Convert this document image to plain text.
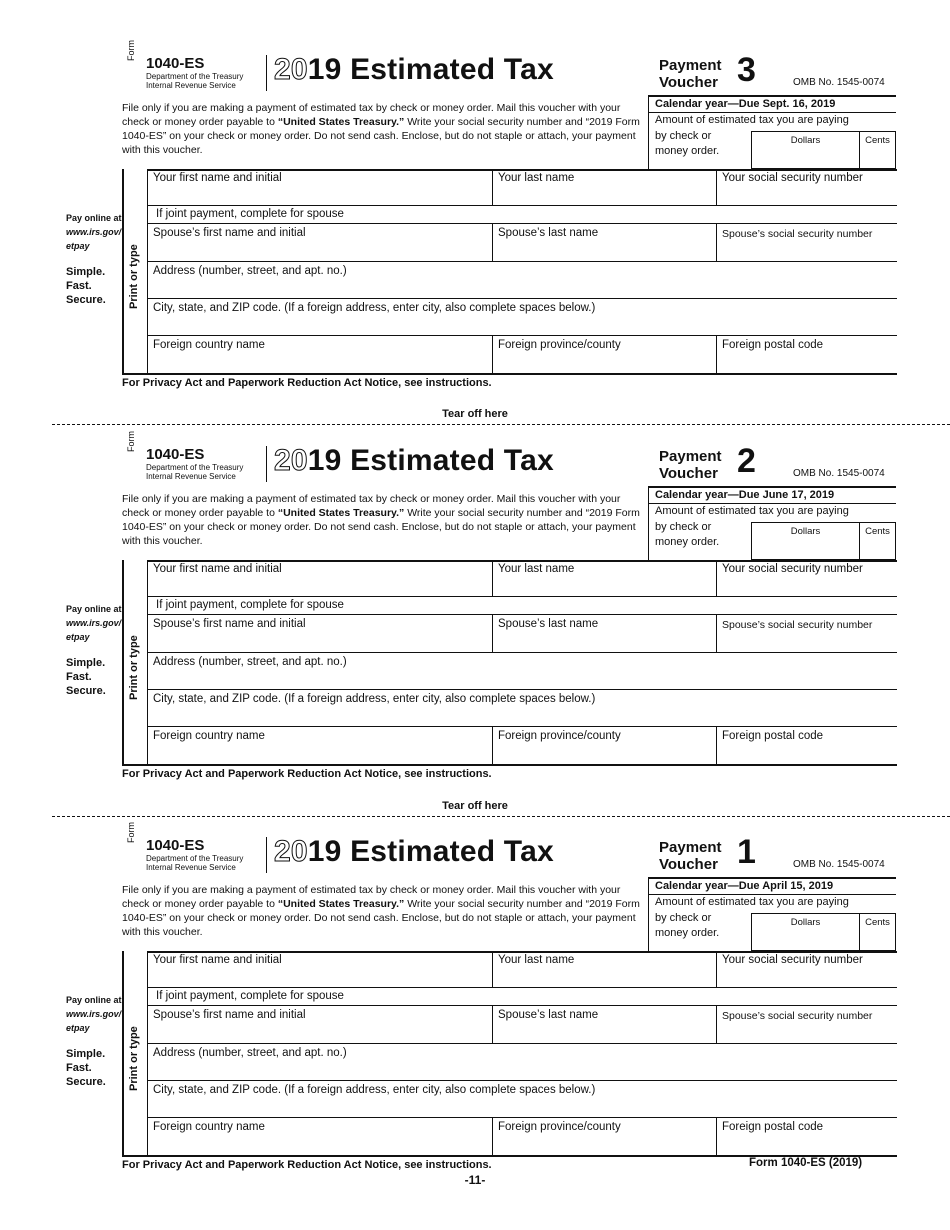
Form
1040-ES
Department of the Treasury
Internal Revenue Service 2019 Estimated Tax	Payment
Voucher 3	OMB No. 1545-0074
File only if you are making a payment of estimated tax by check or money order. Mail this voucher with your check or money order payable to “United States Treasury.” Write your social security number and “2019 Form 1040-ES” on your check or money order. Do not send cash. Enclose, but do not staple or attach, your payment with this voucher.
Calendar year—Due Sept. 16, 2019
Amount of estimated tax you are paying
by check or
money order.
Dollars	Cents
Pay online at
www.irs.gov/
etpay
Simple.
Fast.
Secure.	Print or type
Your first name and initial	Your last name	Your social security number
If joint payment, complete for spouse
Spouse’s first name and initial	Spouse’s last name	Spouse’s social security number
Address (number, street, and apt. no.)
City, state, and ZIP code. (If a foreign address, enter city, also complete spaces below.)
Foreign country name	Foreign province/county	Foreign postal code
For Privacy Act and Paperwork Reduction Act Notice, see instructions.
Form
1040-ES
Department of the Treasury
Internal Revenue Service 2019 Estimated Tax	Payment
Voucher 2	OMB No. 1545-0074
File only if you are making a payment of estimated tax by check or money order. Mail this voucher with your check or money order payable to “United States Treasury.” Write your social security number and “2019 Form 1040-ES” on your check or money order. Do not send cash. Enclose, but do not staple or attach, your payment with this voucher.
Calendar year—Due June 17, 2019
Amount of estimated tax you are paying
by check or
money order.
Dollars	Cents
Pay online at
www.irs.gov/
etpay
Simple.
Fast.
Secure.	Print or type
Your first name and initial	Your last name	Your social security number
If joint payment, complete for spouse
Spouse’s first name and initial	Spouse’s last name	Spouse’s social security number
Address (number, street, and apt. no.)
City, state, and ZIP code. (If a foreign address, enter city, also complete spaces below.)
Foreign country name	Foreign province/county	Foreign postal code
For Privacy Act and Paperwork Reduction Act Notice, see instructions.
Form
1040-ES
Department of the Treasury
Internal Revenue Service 2019 Estimated Tax	Payment
Voucher 1	OMB No. 1545-0074
File only if you are making a payment of estimated tax by check or money order. Mail this voucher with your check or money order payable to “United States Treasury.” Write your social security number and “2019 Form 1040-ES” on your check or money order. Do not send cash. Enclose, but do not staple or attach, your payment with this voucher.
Calendar year—Due April 15, 2019
Amount of estimated tax you are paying
by check or
money order.
Dollars	Cents
Pay online at
www.irs.gov/
etpay
Simple.
Fast.
Secure.	Print or type
Your first name and initial	Your last name	Your social security number
If joint payment, complete for spouse
Spouse’s first name and initial	Spouse’s last name	Spouse’s social security number
Address (number, street, and apt. no.)
City, state, and ZIP code. (If a foreign address, enter city, also complete spaces below.)
Foreign country name	Foreign province/county	Foreign postal code
For Privacy Act and Paperwork Reduction Act Notice, see instructions.
Tear off here
Tear off here
Form 1040-ES (2019)
-11-
